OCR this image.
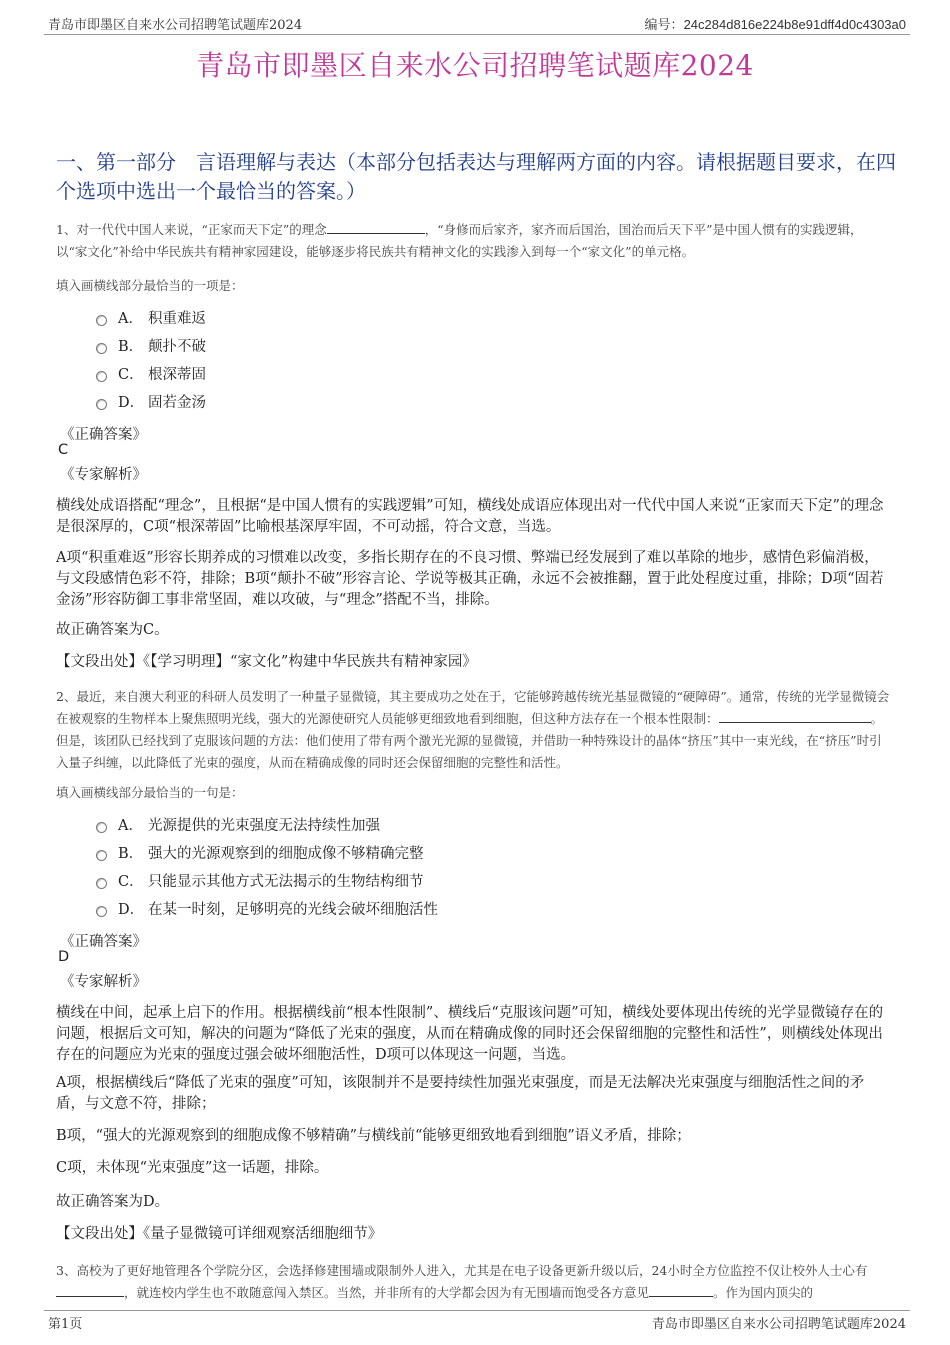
青岛市即墨区自来水公司招聘笔试题库2024	编号：24c284d816e224b8e91dff4d0c4303a0
青岛市即墨区自来水公司招聘笔试题库2024
一、第一部分　言语理解与表达（本部分包括表达与理解两方面的内容。请根据题目要求，在四个选项中选出一个最恰当的答案。）
1、对一代代中国人来说，“正家而天下定”的理念	，“身修而后家齐，家齐而后国治，国治而后天下平”是中国人惯有的实践逻辑，以“家文化”补给中华民族共有精神家园建设，能够逐步将民族共有精神文化的实践渗入到每一个“家文化”的单元格。
填入画横线部分最恰当的一项是：
A． 积重难返
B． 颠扑不破
C． 根深蒂固
D． 固若金汤
《正确答案》
C
《专家解析》
横线处成语搭配“理念”，且根据“是中国人惯有的实践逻辑”可知，横线处成语应体现出对一代代中国人来说“正家而天下定”的理念是很深厚的，C项“根深蒂固”比喻根基深厚牢固，不可动摇，符合文意，当选。
A项“积重难返”形容长期养成的习惯难以改变，多指长期存在的不良习惯、弊端已经发展到了难以革除的地步，感情色彩偏消极，与文段感情色彩不符，排除；B项“颠扑不破”形容言论、学说等极其正确，永远不会被推翻，置于此处程度过重，排除；D项“固若金汤”形容防御工事非常坚固，难以攻破，与“理念”搭配不当，排除。
故正确答案为C。
【文段出处】《【学习明理】“家文化”构建中华民族共有精神家园》
2、最近，来自澳大利亚的科研人员发明了一种量子显微镜，其主要成功之处在于，它能够跨越传统光基显微镜的“硬障碍”。通常，传统的光学显微镜会在被观察的生物样本上聚焦照明光线，强大的光源使研究人员能够更细致地看到细胞，但这种方法存在一个根本性限制：	。但是，该团队已经找到了克服该问题的方法：他们使用了带有两个激光光源的显微镜，并借助一种特殊设计的晶体“挤压”其中一束光线，在“挤压”时引入量子纠缠，以此降低了光束的强度，从而在精确成像的同时还会保留细胞的完整性和活性。
填入画横线部分最恰当的一句是：
A． 光源提供的光束强度无法持续性加强
B． 强大的光源观察到的细胞成像不够精确完整
C． 只能显示其他方式无法揭示的生物结构细节
D． 在某一时刻，足够明亮的光线会破坏细胞活性
《正确答案》
D
《专家解析》
横线在中间，起承上启下的作用。根据横线前“根本性限制”、横线后“克服该问题”可知，横线处要体现出传统的光学显微镜存在的问题，根据后文可知，解决的问题为“降低了光束的强度，从而在精确成像的同时还会保留细胞的完整性和活性”，则横线处体现出存在的问题应为光束的强度过强会破坏细胞活性，D项可以体现这一问题，当选。
A项，根据横线后“降低了光束的强度”可知，该限制并不是要持续性加强光束强度，而是无法解决光束强度与细胞活性之间的矛盾，与文意不符，排除；
B项，“强大的光源观察到的细胞成像不够精确”与横线前“能够更细致地看到细胞”语义矛盾，排除；
C项，未体现“光束强度”这一话题，排除。
故正确答案为D。
【文段出处】《量子显微镜可详细观察活细胞细节》
3、高校为了更好地管理各个学院分区，会选择修建围墙或限制外人进入，尤其是在电子设备更新升级以后，24小时全方位监控不仅让校外人士心有，就连校内学生也不敢随意闯入禁区。当然，并非所有的大学都会因为有无围墙而饱受各方意见	。作为国内顶尖的
第1页	青岛市即墨区自来水公司招聘笔试题库2024
